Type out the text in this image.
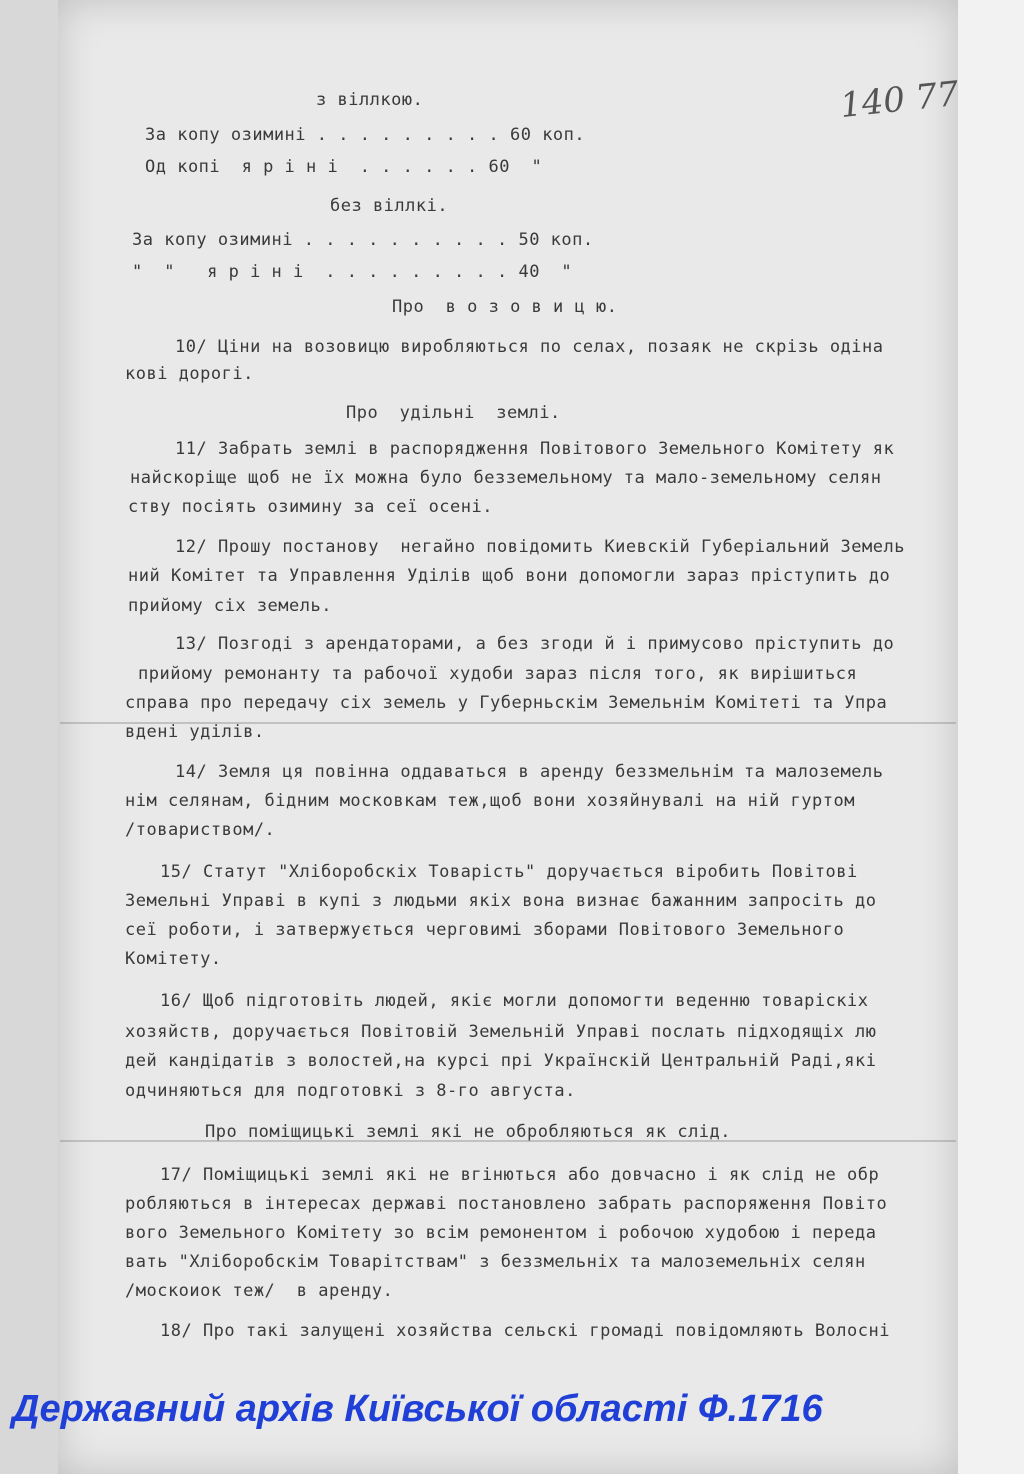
140 77
з віллкою.
За копу озимині . . . . . . . . . 60 коп.
Од копі  я р і н і  . . . . . . 60  "
без віллкі.
За копу озимині . . . . . . . . . . 50 коп.
"  "   я р і н і  . . . . . . . . . 40  "
Про  в о з о в и ц ю.
10/ Ціни на возовицю виробляються по селах, позаяк не скрізь одіна
кові дорогі.
Про  удільні  землі.
11/ Забрать землі в распорядження Повітового Земельного Комітету як
найскоріще щоб не їх можна було безземельному та мало-земельному селян
ству посіять озимину за сеї осені.
12/ Прошу постанову  негайно повідомить Киевскій Губеріальний Земель
ний Комітет та Управлення Уділів щоб вони допомогли зараз пріступить до
прийому сіх земель.
13/ Позгоді з арендаторами, а без згоди й і примусово пріступить до
прийому ремонанту та рабочої худоби зараз після того, як вирішиться
справа про передачу сіх земель у Губерньскім Земельнім Комітеті та Упра
вдені уділів.
14/ Земля ця повінна оддаваться в аренду беззмельнім та малоземель
нім селянам, бідним московкам теж,щоб вони хозяйнувалі на ній гуртом
/товариством/.
15/ Статут "Хліборобскіх Товарість" доручається віробить Повітові
Земельні Управі в купі з людьми якіх вона визнає бажанним запросіть до
сеї роботи, і затвержується черговимі зборами Повітового Земельного
Комітету.
16/ Щоб підготовіть людей, якіє могли допомогти веденню товаріскіх
хозяйств, доручається Повітовій Земельній Управі послать підходящіх лю
дей кандідатів з волостей,на курсі прі Українскій Центральній Раді,які
одчиняються для подготовкі з 8-го августа.
Про поміщицькі землі які не обробляються як слід.
17/ Поміщицькі землі які не вгінються або довчасно і як слід не обр
робляються в інтересах державі постановлено забрать распоряження Повіто
вого Земельного Комітету зо всім ремонентом і робочою худобою і переда
вать "Хліборобскім Товарітствам" з беззмельніх та малоземельніх селян
/москоиок теж/  в аренду.
18/ Про такі залущені хозяйства сельскі громаді повідомляють Волосні
Державний архів Київської області Ф.1716
